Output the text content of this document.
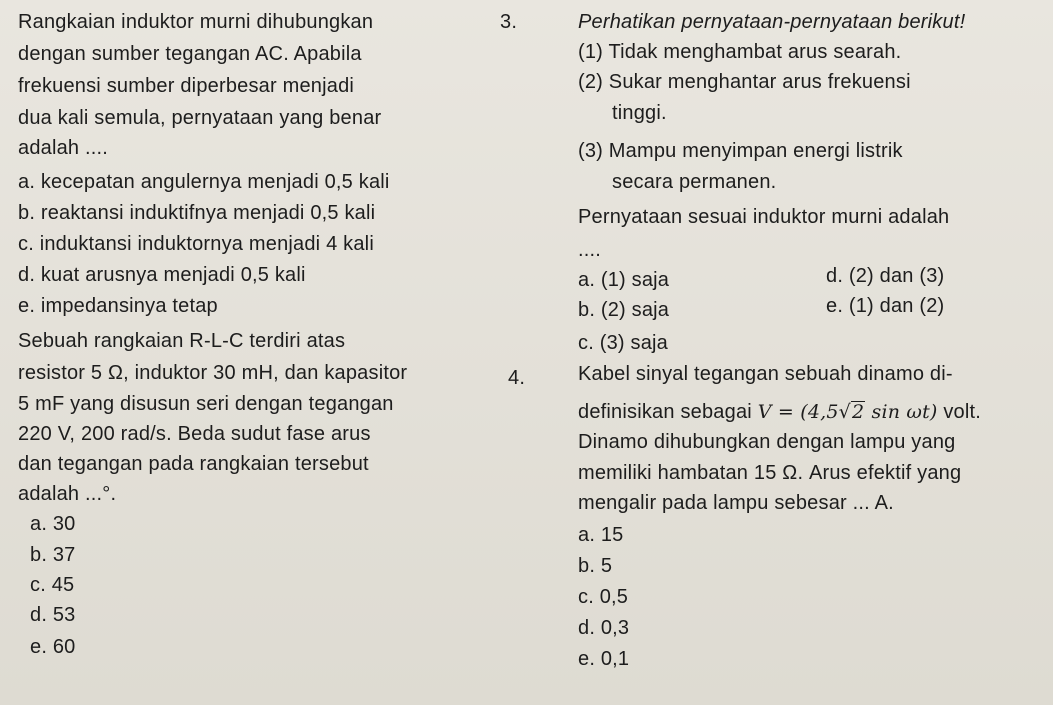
Rangkaian induktor murni dihubungkan
dengan sumber tegangan AC. Apabila
frekuensi sumber diperbesar menjadi
dua kali semula, pernyataan yang benar
adalah ....
a. kecepatan angulernya menjadi 0,5 kali
b. reaktansi induktifnya menjadi 0,5 kali
c. induktansi induktornya menjadi 4 kali
d. kuat arusnya menjadi 0,5 kali
e. impedansinya tetap
Sebuah rangkaian R-L-C terdiri atas
resistor 5 Ω, induktor 30 mH, dan kapasitor
5 mF yang disusun seri dengan tegangan
220 V, 200 rad/s. Beda sudut fase arus
dan tegangan pada rangkaian tersebut
adalah ...°.
a. 30
b. 37
c. 45
d. 53
e. 60
3.	Perhatikan pernyataan-pernyataan berikut!
(1) Tidak menghambat arus searah.
(2) Sukar menghantar arus frekuensi
tinggi.
(3) Mampu menyimpan energi listrik
secara permanen.
Pernyataan sesuai induktor murni adalah
....
a. (1) saja
b. (2) saja
c. (3) saja
d. (2) dan (3)
e. (1) dan (2)
4.	Kabel sinyal tegangan sebuah dinamo di-
definisikan sebagai V = (4,5√2 sin ωt) volt.
Dinamo dihubungkan dengan lampu yang
memiliki hambatan 15 Ω. Arus efektif yang
mengalir pada lampu sebesar ... A.
a. 15
b. 5
c. 0,5
d. 0,3
e. 0,1
